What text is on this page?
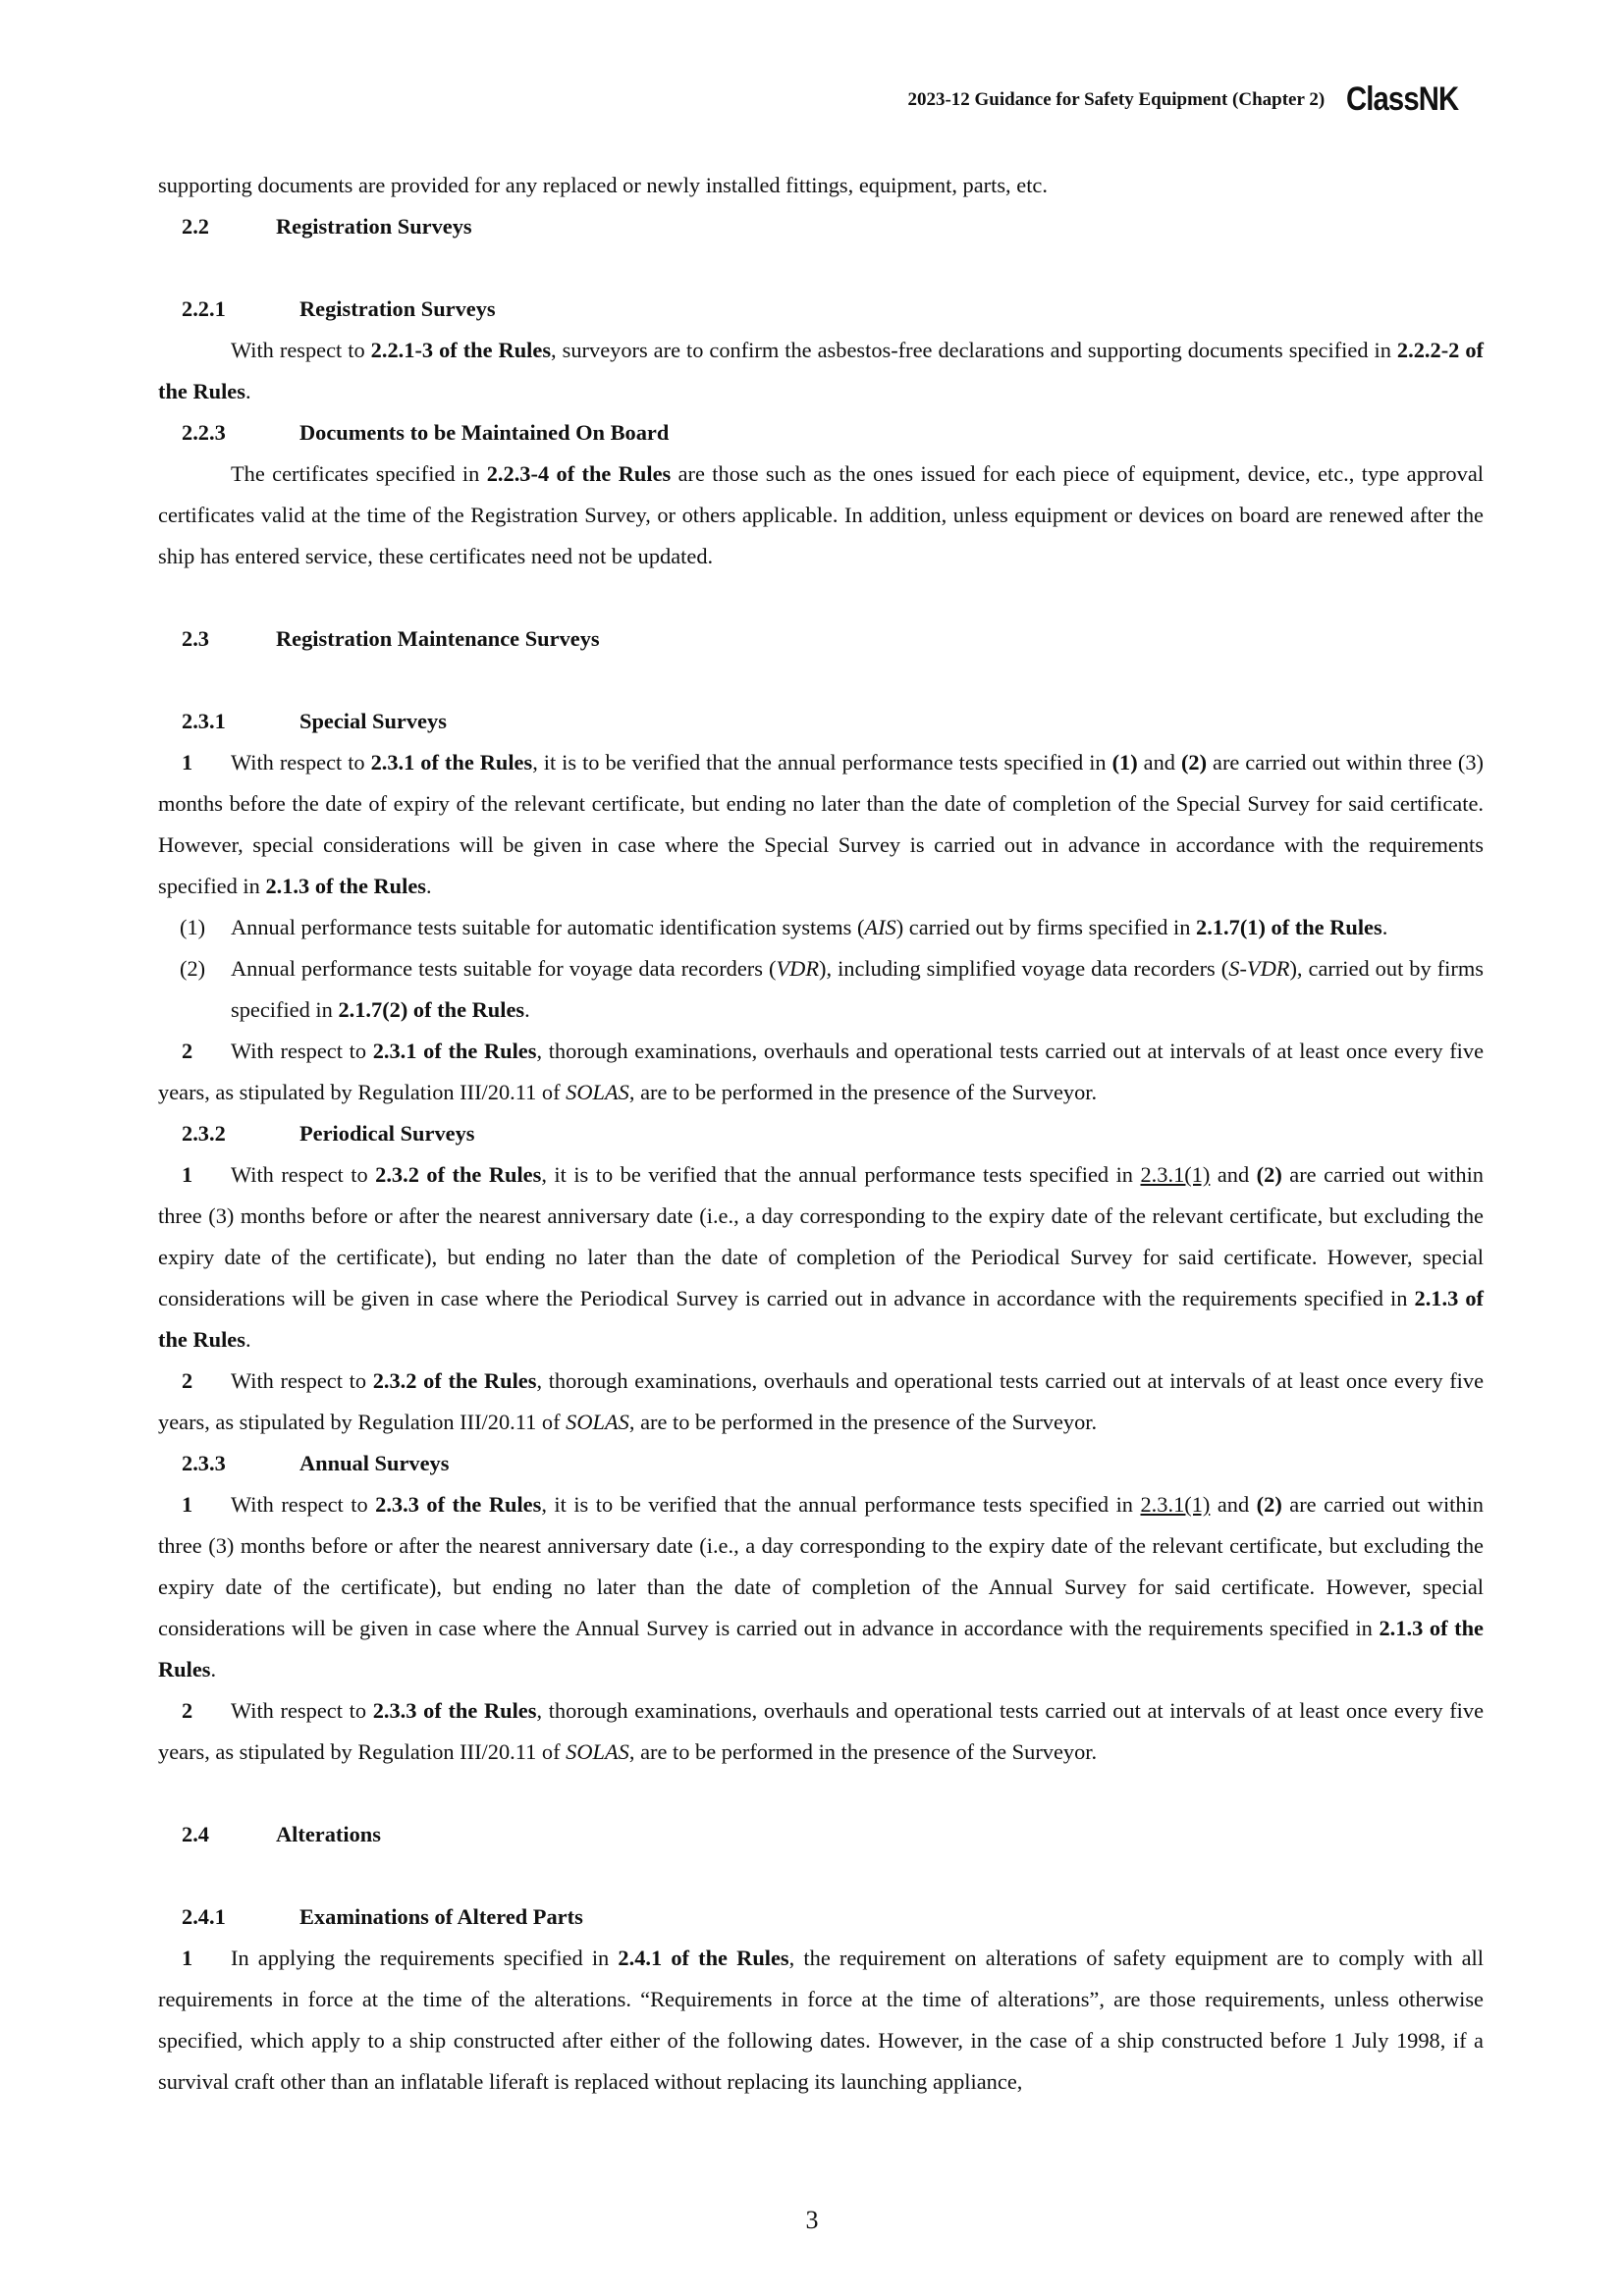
2023-12 Guidance for Safety Equipment (Chapter 2) ClassNK

supporting documents are provided for any replaced or newly installed fittings, equipment, parts, etc.

2.2	Registration Surveys
2.2.1	Registration Surveys

With respect to 2.2.1-3 of the Rules, surveyors are to confirm the asbestos-free declarations and supporting documents specified in 2.2.2-2 of the Rules.

2.2.3	Documents to be Maintained On Board

The certificates specified in 2.2.3-4 of the Rules are those such as the ones issued for each piece of equipment, device, etc., type approval certificates valid at the time of the Registration Survey, or others applicable. In addition, unless equipment or devices on board are renewed after the ship has entered service, these certificates need not be updated.

2.3	Registration Maintenance Surveys
2.3.1	Special Surveys

1 With respect to 2.3.1 of the Rules, it is to be verified that the annual performance tests specified in (1) and (2) are carried out within three (3) months before the date of expiry of the relevant certificate, but ending no later than the date of completion of the Special Survey for said certificate. However, special considerations will be given in case where the Special Survey is carried out in advance in accordance with the requirements specified in 2.1.3 of the Rules.

(1) Annual performance tests suitable for automatic identification systems (AIS) carried out by firms specified in 2.1.7(1) of the Rules.

(2) Annual performance tests suitable for voyage data recorders (VDR), including simplified voyage data recorders (S-VDR), carried out by firms specified in 2.1.7(2) of the Rules.

2 With respect to 2.3.1 of the Rules, thorough examinations, overhauls and operational tests carried out at intervals of at least once every five years, as stipulated by Regulation III/20.11 of SOLAS, are to be performed in the presence of the Surveyor.

2.3.2	Periodical Surveys

1 With respect to 2.3.2 of the Rules, it is to be verified that the annual performance tests specified in 2.3.1(1) and (2) are carried out within three (3) months before or after the nearest anniversary date (i.e., a day corresponding to the expiry date of the relevant certificate, but excluding the expiry date of the certificate), but ending no later than the date of completion of the Periodical Survey for said certificate. However, special considerations will be given in case where the Periodical Survey is carried out in advance in accordance with the requirements specified in 2.1.3 of the Rules.

2 With respect to 2.3.2 of the Rules, thorough examinations, overhauls and operational tests carried out at intervals of at least once every five years, as stipulated by Regulation III/20.11 of SOLAS, are to be performed in the presence of the Surveyor.

2.3.3	Annual Surveys

1 With respect to 2.3.3 of the Rules, it is to be verified that the annual performance tests specified in 2.3.1(1) and (2) are carried out within three (3) months before or after the nearest anniversary date (i.e., a day corresponding to the expiry date of the relevant certificate, but excluding the expiry date of the certificate), but ending no later than the date of completion of the Annual Survey for said certificate. However, special considerations will be given in case where the Annual Survey is carried out in advance in accordance with the requirements specified in 2.1.3 of the Rules.

2 With respect to 2.3.3 of the Rules, thorough examinations, overhauls and operational tests carried out at intervals of at least once every five years, as stipulated by Regulation III/20.11 of SOLAS, are to be performed in the presence of the Surveyor.

2.4	Alterations
2.4.1	Examinations of Altered Parts

1 In applying the requirements specified in 2.4.1 of the Rules, the requirement on alterations of safety equipment are to comply with all requirements in force at the time of the alterations. “Requirements in force at the time of alterations”, are those requirements, unless otherwise specified, which apply to a ship constructed after either of the following dates. However, in the case of a ship constructed before 1 July 1998, if a survival craft other than an inflatable liferaft is replaced without replacing its launching appliance,

3
